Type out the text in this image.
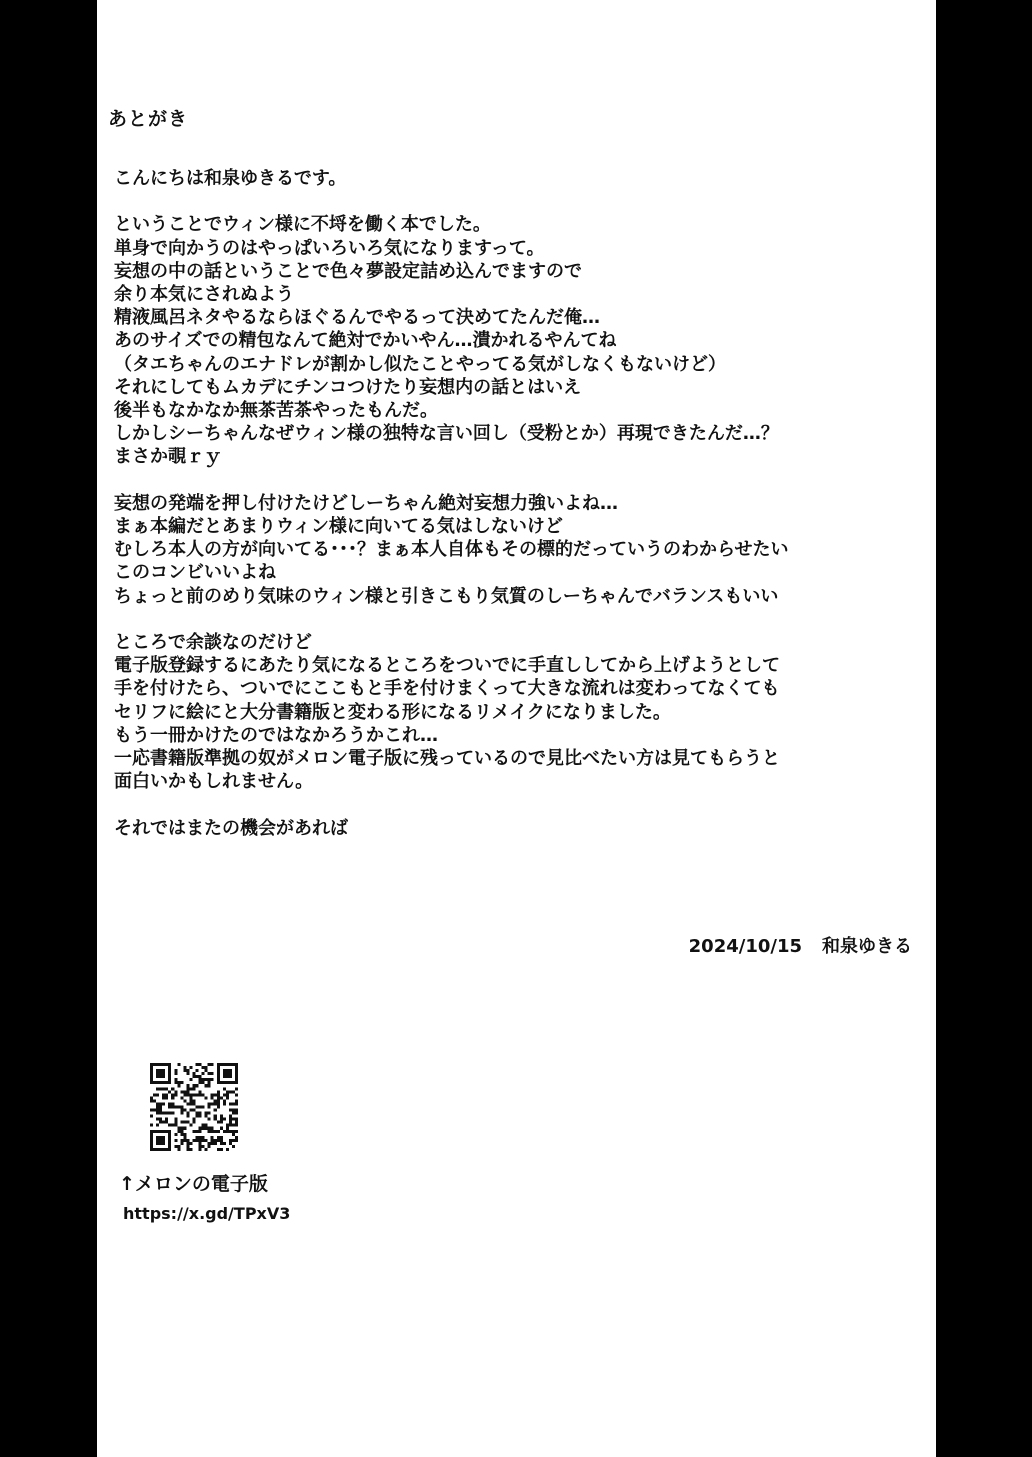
あとがき
こんにちは和泉ゆきるです。
ということでウィン様に不埒を働く本でした。
単身で向かうのはやっぱいろいろ気になりますって。
妄想の中の話ということで色々夢設定詰め込んでますので
余り本気にされぬよう
精液風呂ネタやるならほぐるんでやるって決めてたんだ俺…
あのサイズでの精包なんて絶対でかいやん…潰かれるやんてね
（タエちゃんのエナドレが割かし似たことやってる気がしなくもないけど）
それにしてもムカデにチンコつけたり妄想内の話とはいえ
後半もなかなか無茶苦茶やったもんだ。
しかしシーちゃんなぜウィン様の独特な言い回し（受粉とか）再現できたんだ…？
まさか覗ｒｙ
妄想の発端を押し付けたけどしーちゃん絶対妄想力強いよね…
まぁ本編だとあまりウィン様に向いてる気はしないけど
むしろ本人の方が向いてる･･･？まぁ本人自体もその標的だっていうのわからせたい
このコンビいいよね
ちょっと前のめり気味のウィン様と引きこもり気質のしーちゃんでバランスもいい
ところで余談なのだけど
電子版登録するにあたり気になるところをついでに手直ししてから上げようとして
手を付けたら、ついでにここもと手を付けまくって大きな流れは変わってなくても
セリフに絵にと大分書籍版と変わる形になるリメイクになりました。
もう一冊かけたのではなかろうかこれ…
一応書籍版準拠の奴がメロン電子版に残っているので見比べたい方は見てもらうと
面白いかもしれません。
それではまたの機会があれば
2024/10/15 和泉ゆきる
↑メロンの電子版
https://x.gd/TPxV3
